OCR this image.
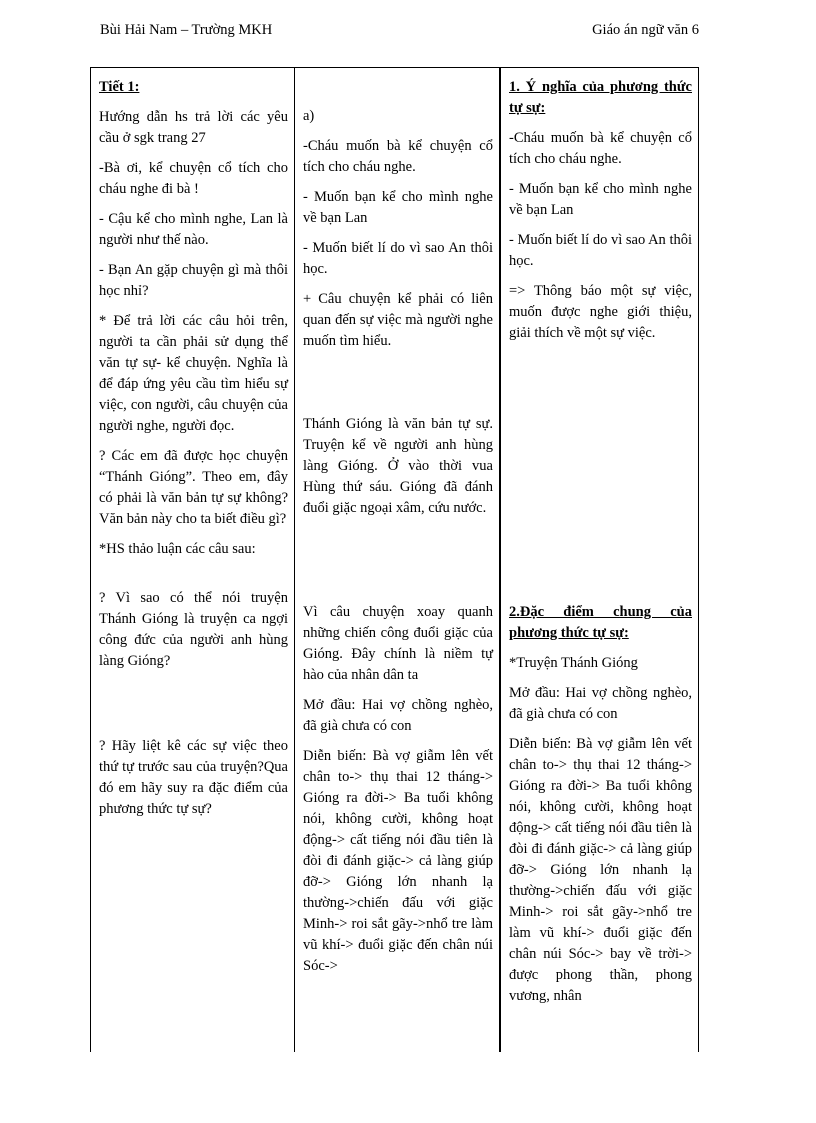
Bùi Hải Nam – Trường MKH	Giáo án ngữ văn 6

Tiết 1:

Hướng dẫn hs trả lời các yêu cầu ở sgk trang 27

-Bà ơi, kể chuyện cổ tích cho cháu nghe đi bà !

- Cậu kể cho mình nghe, Lan là người như thế nào.

- Bạn An gặp chuyện gì mà thôi học nhỉ?

* Để trả lời các câu hỏi trên, người ta cần phải sử dụng thể văn tự sự- kể chuyện. Nghĩa là để đáp ứng yêu cầu tìm hiểu sự việc, con người, câu chuyện của người nghe, người đọc.

? Các em đã được học chuyện “Thánh Gióng”. Theo em, đây có phải là văn bản tự sự không?Văn bản này cho ta biết điều gì?

*HS thảo luận các câu sau:

? Vì sao có thể nói truyện Thánh Gióng là truyện ca ngợi công đức của người anh hùng làng Gióng?

? Hãy liệt kê các sự việc theo thứ tự trước sau của truyện?Qua đó em hãy suy ra đặc điểm của phương thức tự sự?

a)

-Cháu muốn bà kể chuyện cổ tích cho cháu nghe.

- Muốn bạn kể cho mình nghe về bạn Lan

- Muốn biết lí do vì sao An thôi học.

+ Câu chuyện kể phải có liên quan đến sự việc mà người nghe muốn tìm hiểu.

Thánh Gióng là văn bản tự sự. Truyện kể về người anh hùng làng Gióng. Ở vào thời vua Hùng thứ sáu. Gióng đã đánh đuổi giặc ngoại xâm, cứu nước.

Vì câu chuyện xoay quanh những chiến công đuổi giặc của Gióng. Đây chính là niềm tự hào của nhân dân ta

Mở đầu: Hai vợ chồng nghèo, đã già chưa có con

Diễn biến: Bà vợ giẫm lên vết chân to-> thụ thai 12 tháng-> Gióng ra đời-> Ba tuổi không nói, không cười, không hoạt động-> cất tiếng nói đầu tiên là đòi đi đánh giặc-> cả làng giúp đỡ-> Gióng lớn nhanh lạ thường->chiến đấu với giặc Minh-> roi sắt gãy->nhổ tre làm vũ khí-> đuổi giặc đến chân núi Sóc->

1. Ý nghĩa của phương thức tự sự:

-Cháu muốn bà kể chuyện cổ tích cho cháu nghe.

- Muốn bạn kể cho mình nghe về bạn Lan

- Muốn biết lí do vì sao An thôi học.

=> Thông báo một sự việc, muốn được nghe giới thiệu, giải thích về một sự việc.

2.Đặc điểm chung của phương thức tự sự:

*Truyện Thánh Gióng

Mở đầu: Hai vợ chồng nghèo, đã già chưa có con

Diễn biến: Bà vợ giẫm lên vết chân to-> thụ thai 12 tháng-> Gióng ra đời-> Ba tuổi không nói, không cười, không hoạt động-> cất tiếng nói đầu tiên là đòi đi đánh giặc-> cả làng giúp đỡ-> Gióng lớn nhanh lạ thường->chiến đấu với giặc Minh-> roi sắt gãy->nhổ tre làm vũ khí-> đuổi giặc đến chân núi Sóc-> bay về trời-> được phong thần, phong vương, nhân
